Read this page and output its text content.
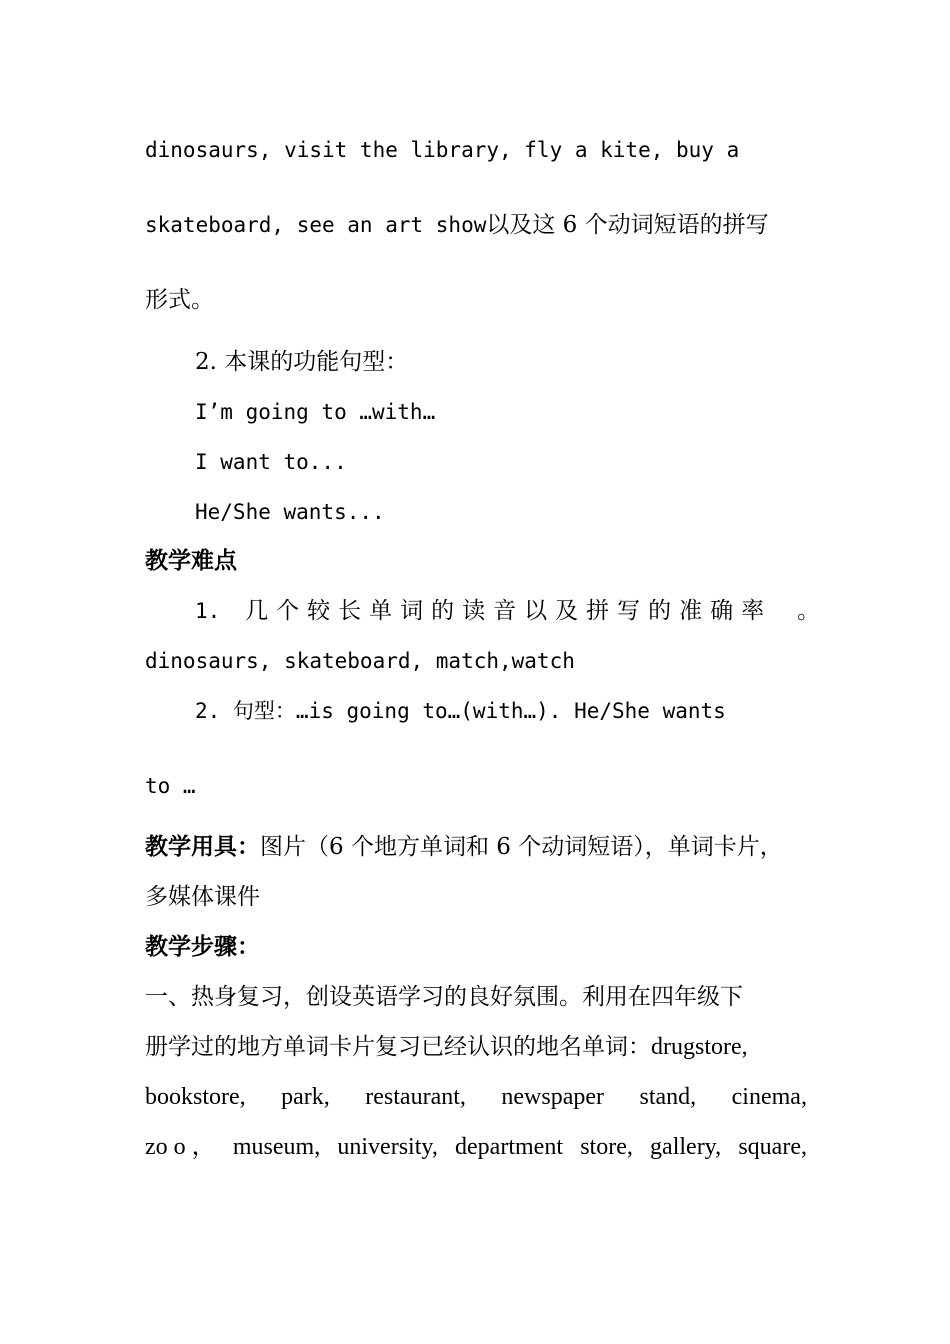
dinosaurs, visit the library, fly a kite, buy a
skateboard, see an art show以及这 6 个动词短语的拼写
形式。
2. 本课的功能句型：
I’m going to …with…
I want to...
He/She wants...
教学难点
1. 几个较长单词的读音以及拼写的准确率 。
dinosaurs, skateboard, match,watch
2. 句型：…is going to…(with…). He/She wants
to …
教学用具：图片（6 个地方单词和 6 个动词短语），单词卡片，
多媒体课件
教学步骤：
一、热身复习，创设英语学习的良好氛围。利用在四年级下
册学过的地方单词卡片复习已经认识的地名单词：drugstore,
bookstore, park, restaurant, newspaper stand, cinema,
zo o ， museum, university, department store, gallery, square,
